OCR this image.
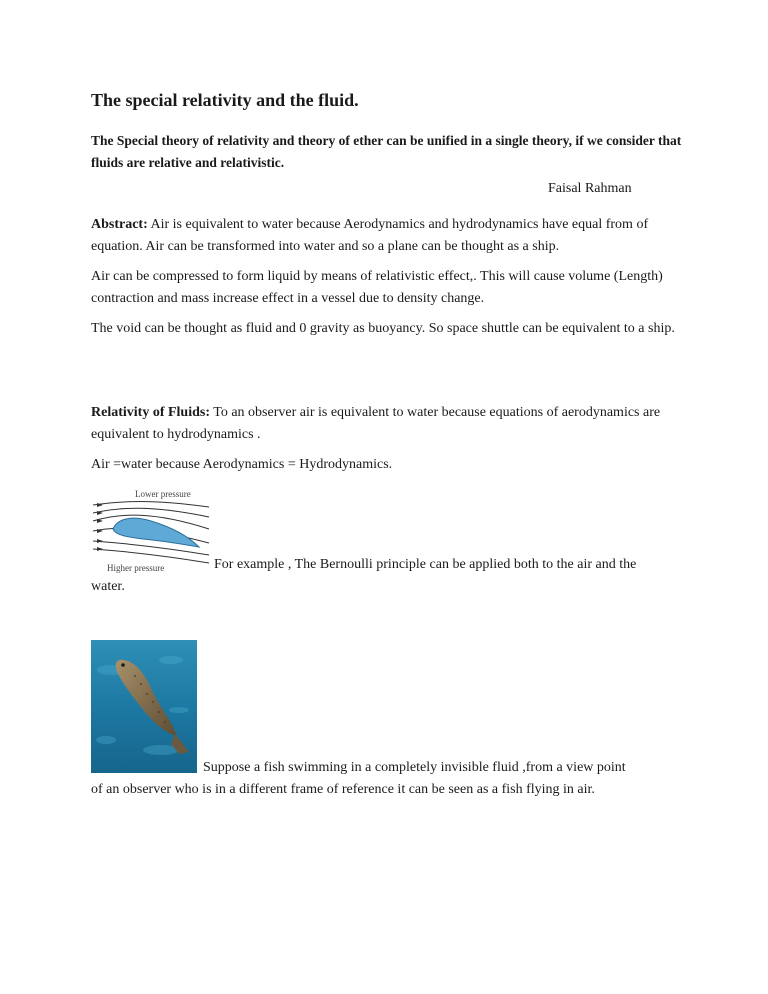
The special relativity and the fluid.

The Special theory of relativity and theory of ether can be unified in a single theory, if we consider that fluids are relative and relativistic.

Faisal Rahman

Abstract: Air is equivalent to water because Aerodynamics and hydrodynamics have equal from of equation. Air can be transformed into water and so a plane can be thought as a ship.

Air can be compressed to form liquid by means of relativistic effect,. This will cause volume (Length) contraction and mass increase effect in a vessel due to density change.

The void can be thought as fluid and 0 gravity as buoyancy. So space shuttle can be equivalent to a ship.

Relativity of Fluids: To an observer air is equivalent to water because equations of aerodynamics are equivalent to hydrodynamics .

Air =water because Aerodynamics = Hydrodynamics.

Lower pressure
Higher pressure	For example , The Bernoulli principle can be applied both to the air and the

water.

Suppose a fish swimming in a completely invisible fluid ,from a view point

of an observer who is in a different frame of reference it can be seen as a fish flying in air.
